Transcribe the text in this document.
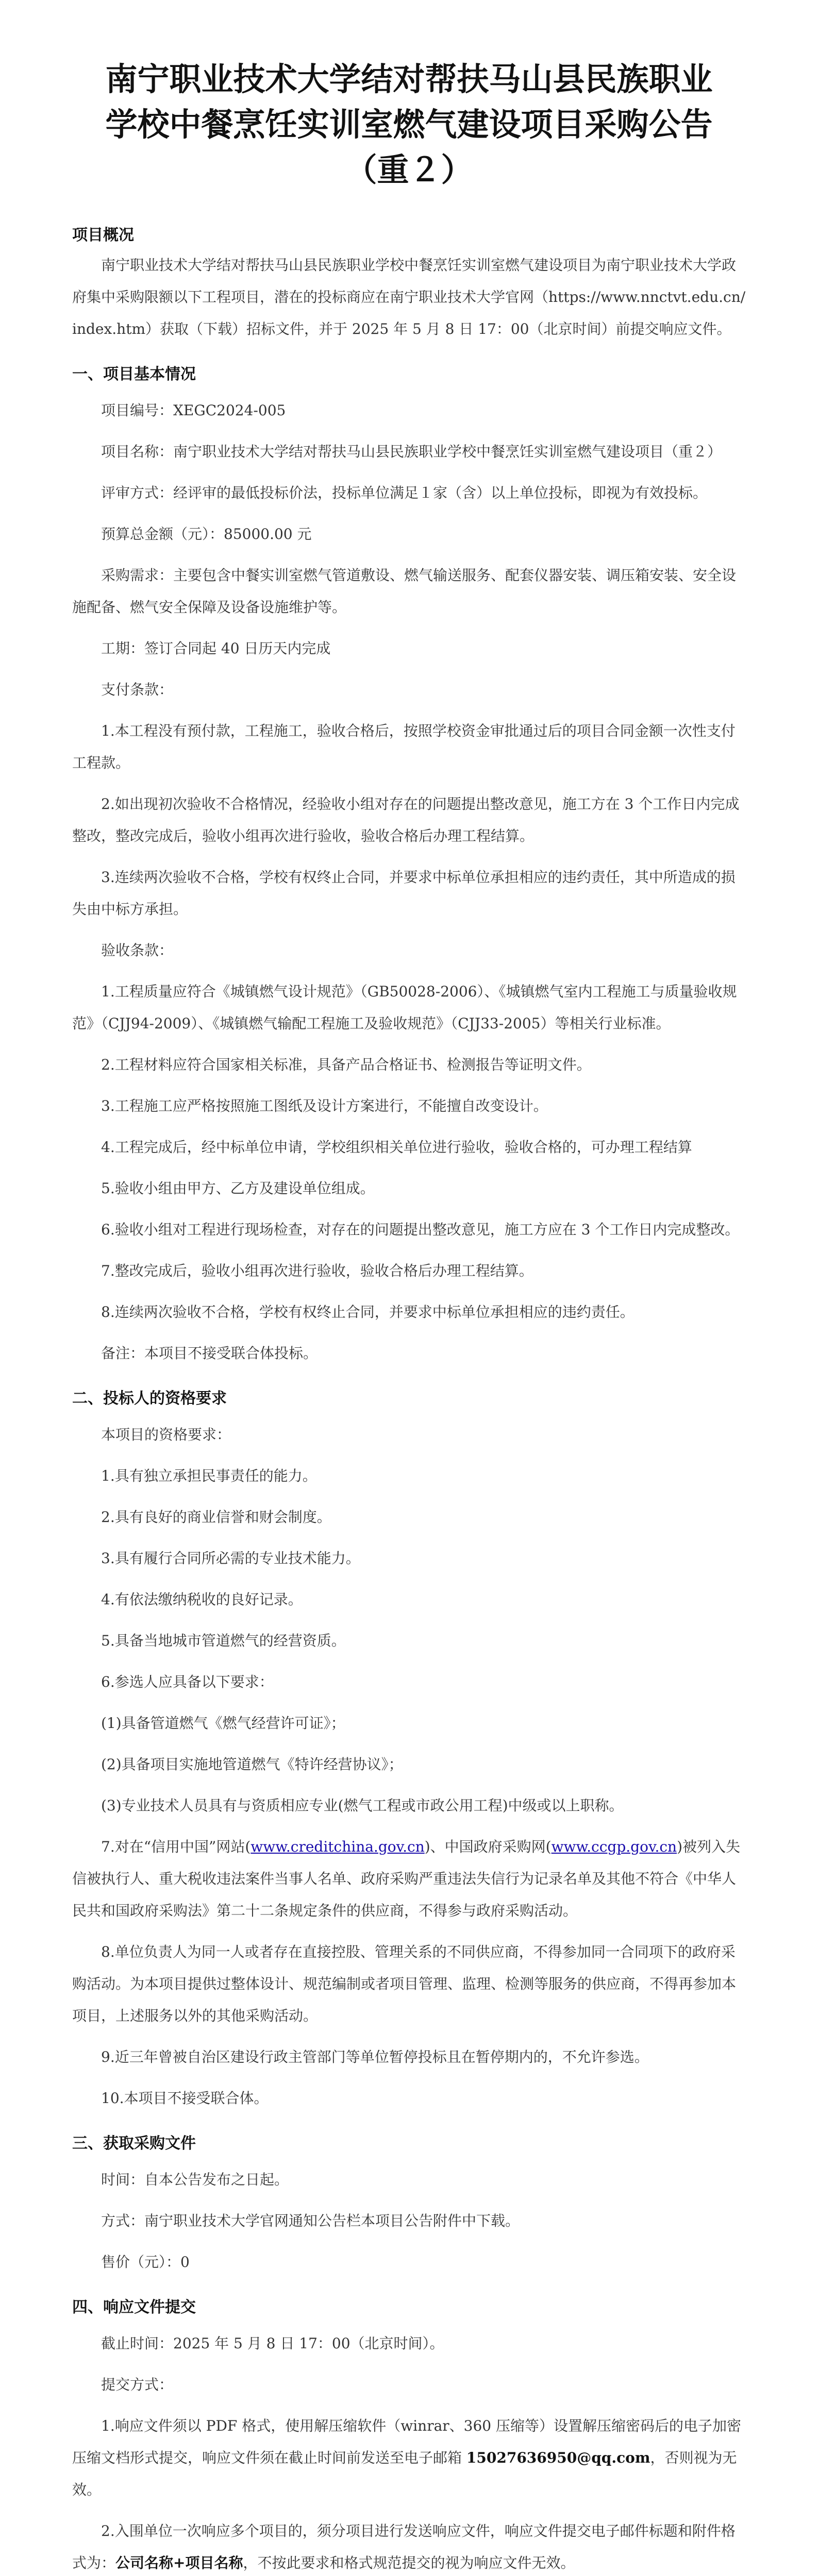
南宁职业技术大学结对帮扶马山县民族职业
学校中餐烹饪实训室燃气建设项目采购公告
（重２）
项目概况

南宁职业技术大学结对帮扶马山县民族职业学校中餐烹饪实训室燃气建设项目为南宁职业技术大学政府集中采购限额以下工程项目，潜在的投标商应在南宁职业技术大学官网（https://www.nnctvt.edu.cn/index.htm）获取（下载）招标文件，并于 2025 年 5 月 8 日 17：00（北京时间）前提交响应文件。

一、项目基本情况

项目编号：XEGC2024-005

项目名称：南宁职业技术大学结对帮扶马山县民族职业学校中餐烹饪实训室燃气建设项目（重２）

评审方式：经评审的最低投标价法，投标单位满足１家（含）以上单位投标，即视为有效投标。

预算总金额（元）：85000.00 元

采购需求：主要包含中餐实训室燃气管道敷设、燃气输送服务、配套仪器安装、调压箱安装、安全设施配备、燃气安全保障及设备设施维护等。

工期：签订合同起 40 日历天内完成

支付条款：

1.本工程没有预付款，工程施工，验收合格后，按照学校资金审批通过后的项目合同金额一次性支付工程款。

2.如出现初次验收不合格情况，经验收小组对存在的问题提出整改意见，施工方在 3 个工作日内完成整改，整改完成后，验收小组再次进行验收，验收合格后办理工程结算。

3.连续两次验收不合格，学校有权终止合同，并要求中标单位承担相应的违约责任，其中所造成的损失由中标方承担。

验收条款：

1.工程质量应符合《城镇燃气设计规范》（GB50028-2006）、《城镇燃气室内工程施工与质量验收规范》（CJJ94-2009）、《城镇燃气输配工程施工及验收规范》（CJJ33-2005）等相关行业标准。

2.工程材料应符合国家相关标准，具备产品合格证书、检测报告等证明文件。

3.工程施工应严格按照施工图纸及设计方案进行，不能擅自改变设计。

4.工程完成后，经中标单位申请，学校组织相关单位进行验收，验收合格的，可办理工程结算

5.验收小组由甲方、乙方及建设单位组成。

6.验收小组对工程进行现场检查，对存在的问题提出整改意见，施工方应在 3 个工作日内完成整改。

7.整改完成后，验收小组再次进行验收，验收合格后办理工程结算。

8.连续两次验收不合格，学校有权终止合同，并要求中标单位承担相应的违约责任。

备注：本项目不接受联合体投标。

二、投标人的资格要求

本项目的资格要求：

1.具有独立承担民事责任的能力。

2.具有良好的商业信誉和财会制度。

3.具有履行合同所必需的专业技术能力。

4.有依法缴纳税收的良好记录。

5.具备当地城市管道燃气的经营资质。

6.参选人应具备以下要求：

(1)具备管道燃气《燃气经营许可证》；

(2)具备项目实施地管道燃气《特许经营协议》；

(3)专业技术人员具有与资质相应专业(燃气工程或市政公用工程)中级或以上职称。

7.对在“信用中国”网站(www.creditchina.gov.cn)、中国政府采购网(www.ccgp.gov.cn)被列入失信被执行人、重大税收违法案件当事人名单、政府采购严重违法失信行为记录名单及其他不符合《中华人民共和国政府采购法》第二十二条规定条件的供应商，不得参与政府采购活动。

8.单位负责人为同一人或者存在直接控股、管理关系的不同供应商，不得参加同一合同项下的政府采购活动。为本项目提供过整体设计、规范编制或者项目管理、监理、检测等服务的供应商，不得再参加本项目，上述服务以外的其他采购活动。

9.近三年曾被自治区建设行政主管部门等单位暂停投标且在暂停期内的，不允许参选。

10.本项目不接受联合体。

三、获取采购文件

时间：自本公告发布之日起。

方式：南宁职业技术大学官网通知公告栏本项目公告附件中下载。

售价（元）：0

四、响应文件提交

截止时间：2025 年 5 月 8 日 17：00（北京时间）。

提交方式：

1.响应文件须以 PDF 格式，使用解压缩软件（winrar、360 压缩等）设置解压缩密码后的电子加密压缩文档形式提交，响应文件须在截止时间前发送至电子邮箱 15027636950@qq.com，否则视为无效。

2.入围单位一次响应多个项目的，须分项目进行发送响应文件，响应文件提交电子邮件标题和附件格式为：公司名称+项目名称，不按此要求和格式规范提交的视为响应文件无效。
